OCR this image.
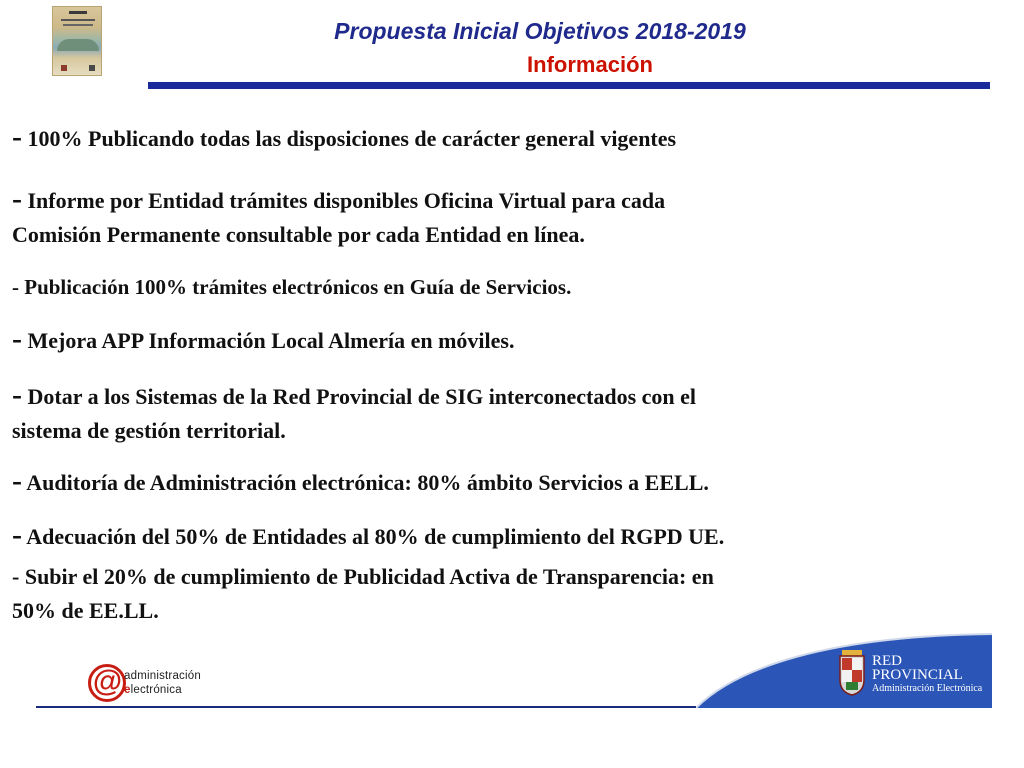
Propuesta Inicial Objetivos 2018-2019
Información

- 100% Publicando todas las disposiciones de carácter general vigentes

- Informe por Entidad trámites disponibles Oficina Virtual para cada
Comisión Permanente consultable por cada Entidad en línea.

- Publicación 100% trámites electrónicos en Guía de Servicios.

- Mejora APP Información Local Almería en móviles.

- Dotar a los Sistemas de la Red Provincial de SIG interconectados con el
sistema de gestión territorial.

- Auditoría de Administración electrónica: 80% ámbito Servicios a EELL.

- Adecuación del 50% de Entidades al 80% de cumplimiento del RGPD UE.

- Subir el 20% de cumplimiento de Publicidad Activa de Transparencia: en
50% de EE.LL.

@ administración
electrónica

RED

PROVINCIAL

Administración Electrónica
